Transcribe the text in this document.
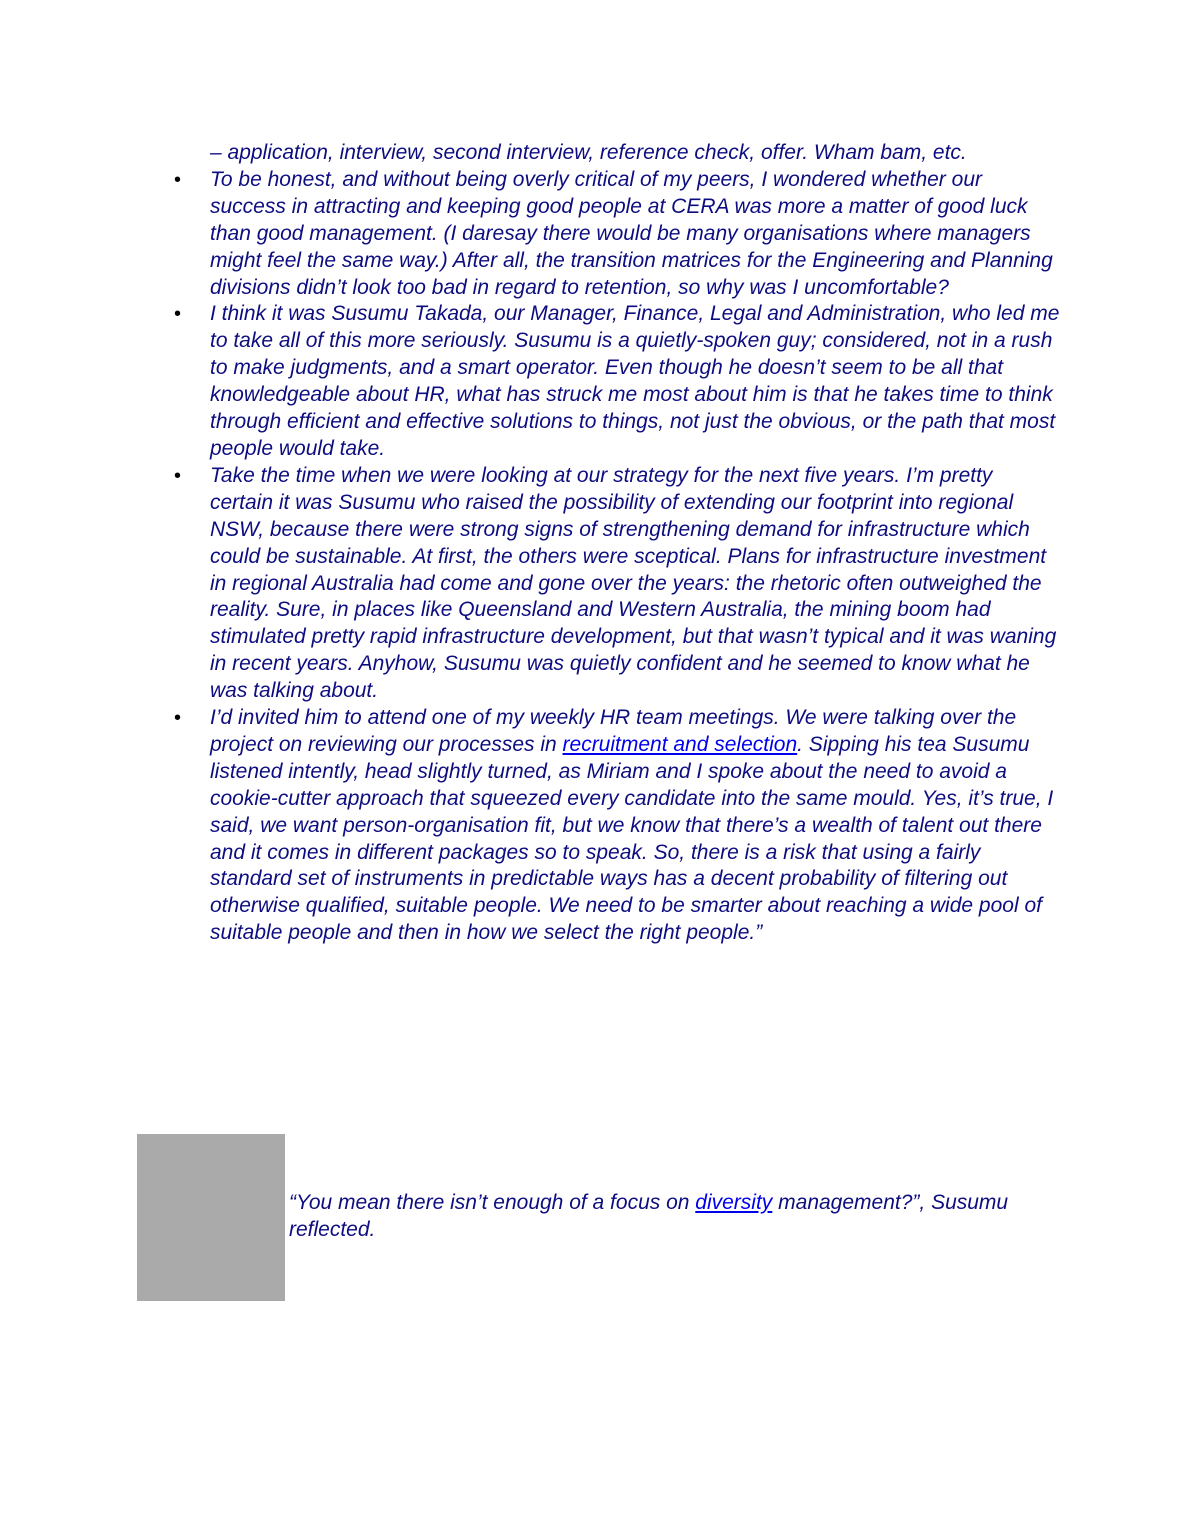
– application, interview, second interview, reference check, offer. Wham bam, etc.

• To be honest, and without being overly critical of my peers, I wondered whether our success in attracting and keeping good people at CERA was more a matter of good luck than good management. (I daresay there would be many organisations where managers might feel the same way.) After all, the transition matrices for the Engineering and Planning divisions didn’t look too bad in regard to retention, so why was I uncomfortable?

• I think it was Susumu Takada, our Manager, Finance, Legal and Administration, who led me to take all of this more seriously. Susumu is a quietly-spoken guy; considered, not in a rush to make judgments, and a smart operator. Even though he doesn’t seem to be all that knowledgeable about HR, what has struck me most about him is that he takes time to think through efficient and effective solutions to things, not just the obvious, or the path that most people would take.

• Take the time when we were looking at our strategy for the next five years. I’m pretty certain it was Susumu who raised the possibility of extending our footprint into regional NSW, because there were strong signs of strengthening demand for infrastructure which could be sustainable. At first, the others were sceptical. Plans for infrastructure investment in regional Australia had come and gone over the years: the rhetoric often outweighed the reality. Sure, in places like Queensland and Western Australia, the mining boom had stimulated pretty rapid infrastructure development, but that wasn’t typical and it was waning in recent years. Anyhow, Susumu was quietly confident and he seemed to know what he was talking about.

• I’d invited him to attend one of my weekly HR team meetings. We were talking over the project on reviewing our processes in recruitment and selection. Sipping his tea Susumu listened intently, head slightly turned, as Miriam and I spoke about the need to avoid a cookie-cutter approach that squeezed every candidate into the same mould. Yes, it’s true, I said, we want person-organisation fit, but we know that there’s a wealth of talent out there and it comes in different packages so to speak. So, there is a risk that using a fairly standard set of instruments in predictable ways has a decent probability of filtering out otherwise qualified, suitable people. We need to be smarter about reaching a wide pool of suitable people and then in how we select the right people.”

“You mean there isn’t enough of a focus on diversity management?”, Susumu reflected.
